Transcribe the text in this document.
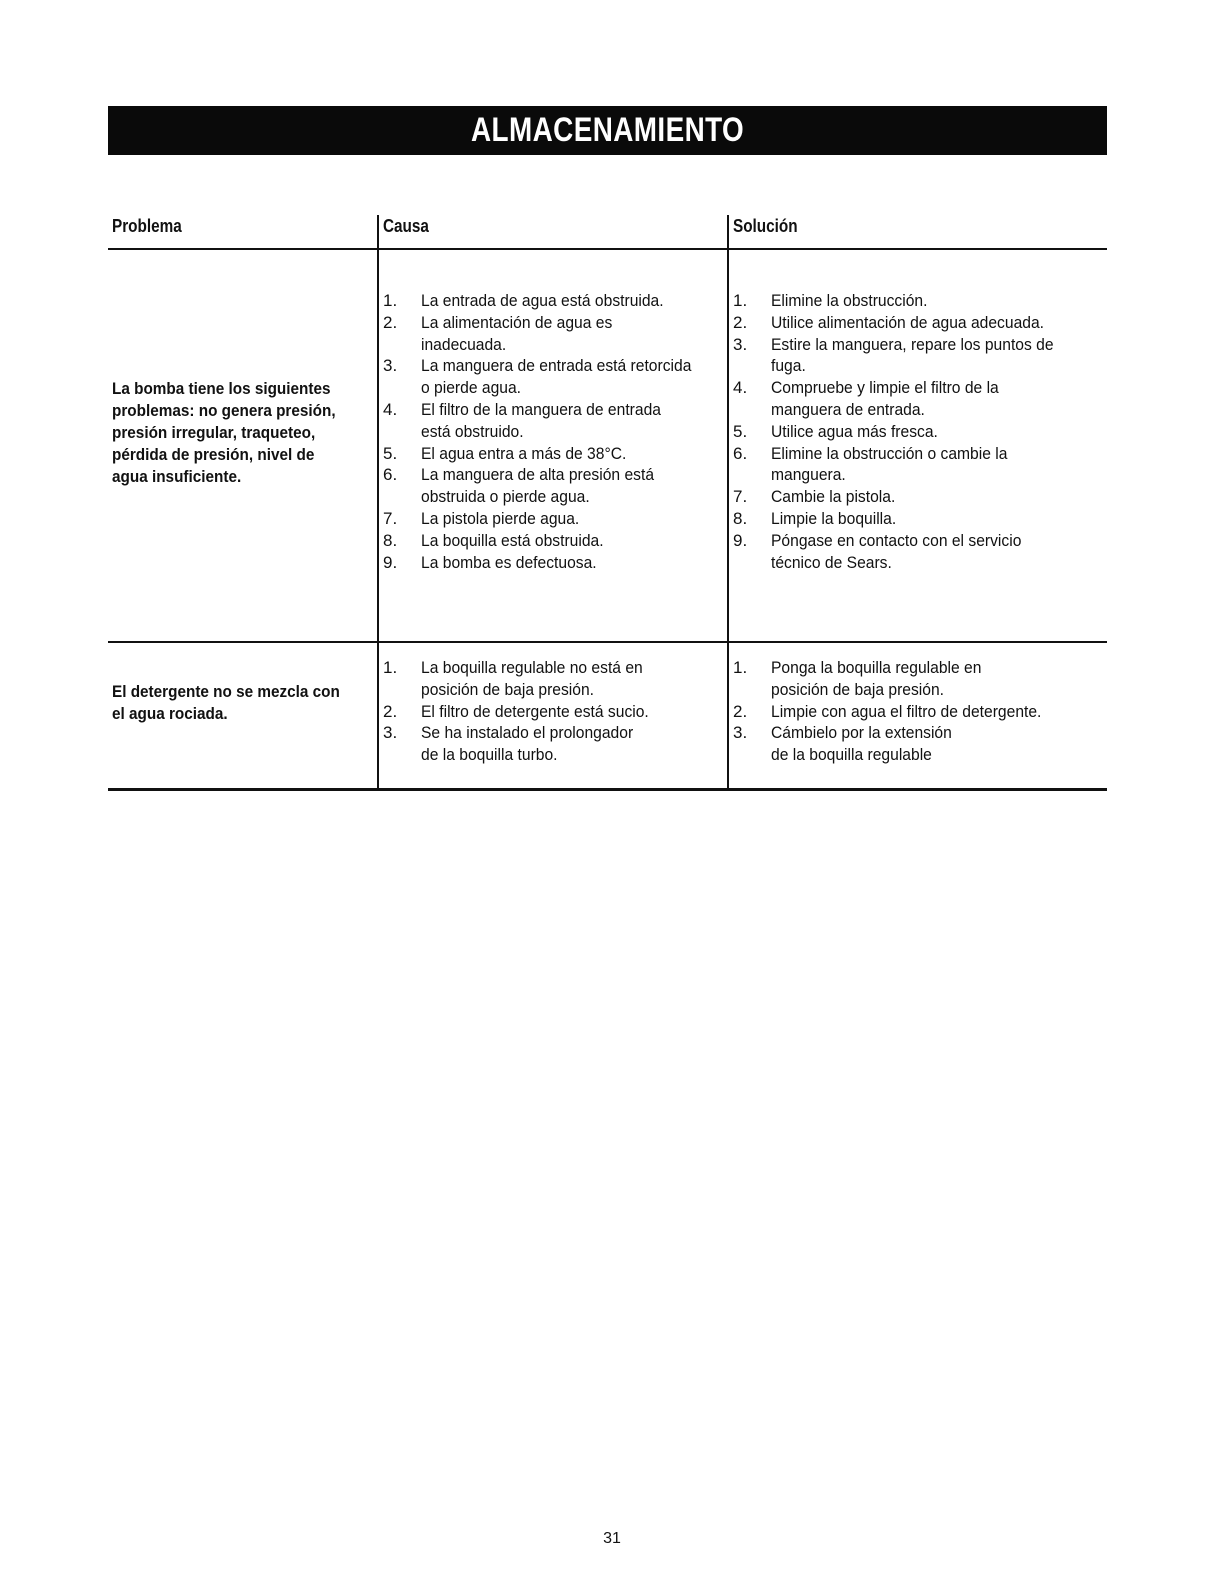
ALMACENAMIENTO
Problema	Causa	Solución
La bomba tiene los siguientes problemas: no genera presión, presión irregular, traqueteo, pérdida de presión, nivel de agua insuficiente.
1. La entrada de agua está obstruida.
2. La alimentación de agua es
inadecuada.
3. La manguera de entrada está retorcida
o pierde agua.
4. El filtro de la manguera de entrada
está obstruido.
5. El agua entra a más de 38°C.
6. La manguera de alta presión está
obstruida o pierde agua.
7. La pistola pierde agua.
8. La boquilla está obstruida.
9. La bomba es defectuosa.
1. Elimine la obstrucción.
2. Utilice alimentación de agua adecuada.

3. Estire la manguera, repare los puntos de
fuga.
4. Compruebe y limpie el filtro de la
manguera de entrada.
5. Utilice agua más fresca.
6. Elimine la obstrucción o cambie la
manguera.
7. Cambie la pistola.
8. Limpie la boquilla.
9. Póngase en contacto con el servicio
técnico de Sears.
El detergente no se mezcla con el agua rociada.
1. La boquilla regulable no está en
posición de baja presión.
2. El filtro de detergente está sucio.
3. Se ha instalado el prolongador
de la boquilla turbo.
1. Ponga la boquilla regulable en
posición de baja presión.
2. Limpie con agua el filtro de detergente.
3. Cámbielo por la extensión
de la boquilla regulable
31
